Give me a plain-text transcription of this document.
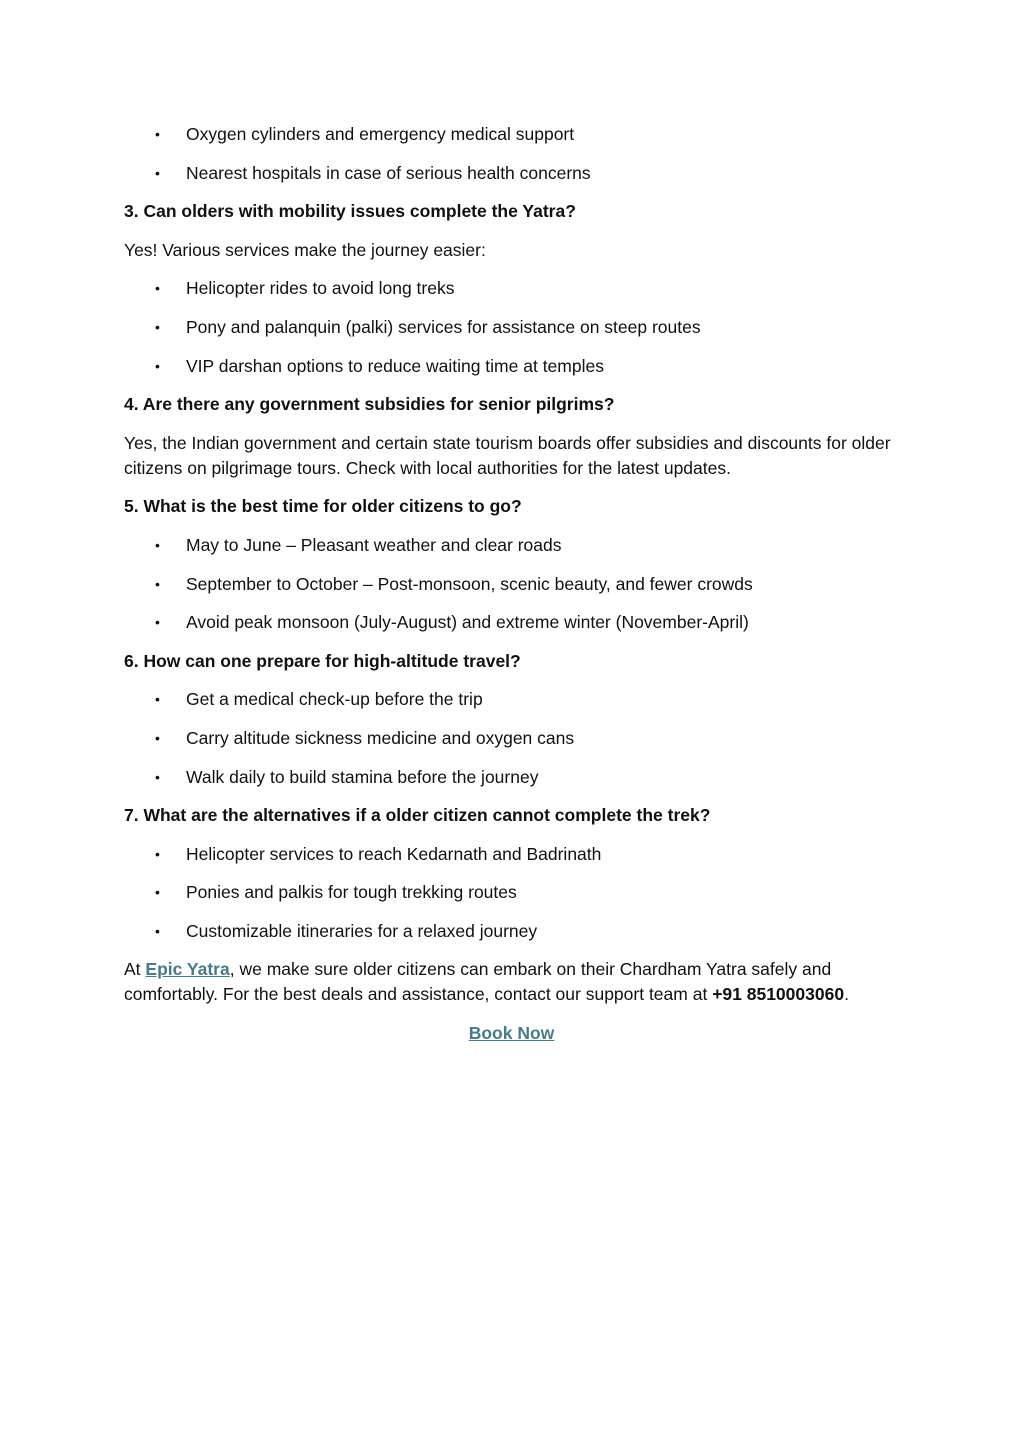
• Oxygen cylinders and emergency medical support
• Nearest hospitals in case of serious health concerns

3. Can olders with mobility issues complete the Yatra?

Yes! Various services make the journey easier:

• Helicopter rides to avoid long treks
• Pony and palanquin (palki) services for assistance on steep routes
• VIP darshan options to reduce waiting time at temples

4. Are there any government subsidies for senior pilgrims?

Yes, the Indian government and certain state tourism boards offer subsidies and discounts for older citizens on pilgrimage tours. Check with local authorities for the latest updates.

5. What is the best time for older citizens to go?

• May to June – Pleasant weather and clear roads
• September to October – Post-monsoon, scenic beauty, and fewer crowds
• Avoid peak monsoon (July-August) and extreme winter (November-April)

6. How can one prepare for high-altitude travel?

• Get a medical check-up before the trip
• Carry altitude sickness medicine and oxygen cans
• Walk daily to build stamina before the journey

7. What are the alternatives if a older citizen cannot complete the trek?

• Helicopter services to reach Kedarnath and Badrinath
• Ponies and palkis for tough trekking routes
• Customizable itineraries for a relaxed journey

At Epic Yatra, we make sure older citizens can embark on their Chardham Yatra safely and comfortably. For the best deals and assistance, contact our support team at +91 8510003060.

Book Now
